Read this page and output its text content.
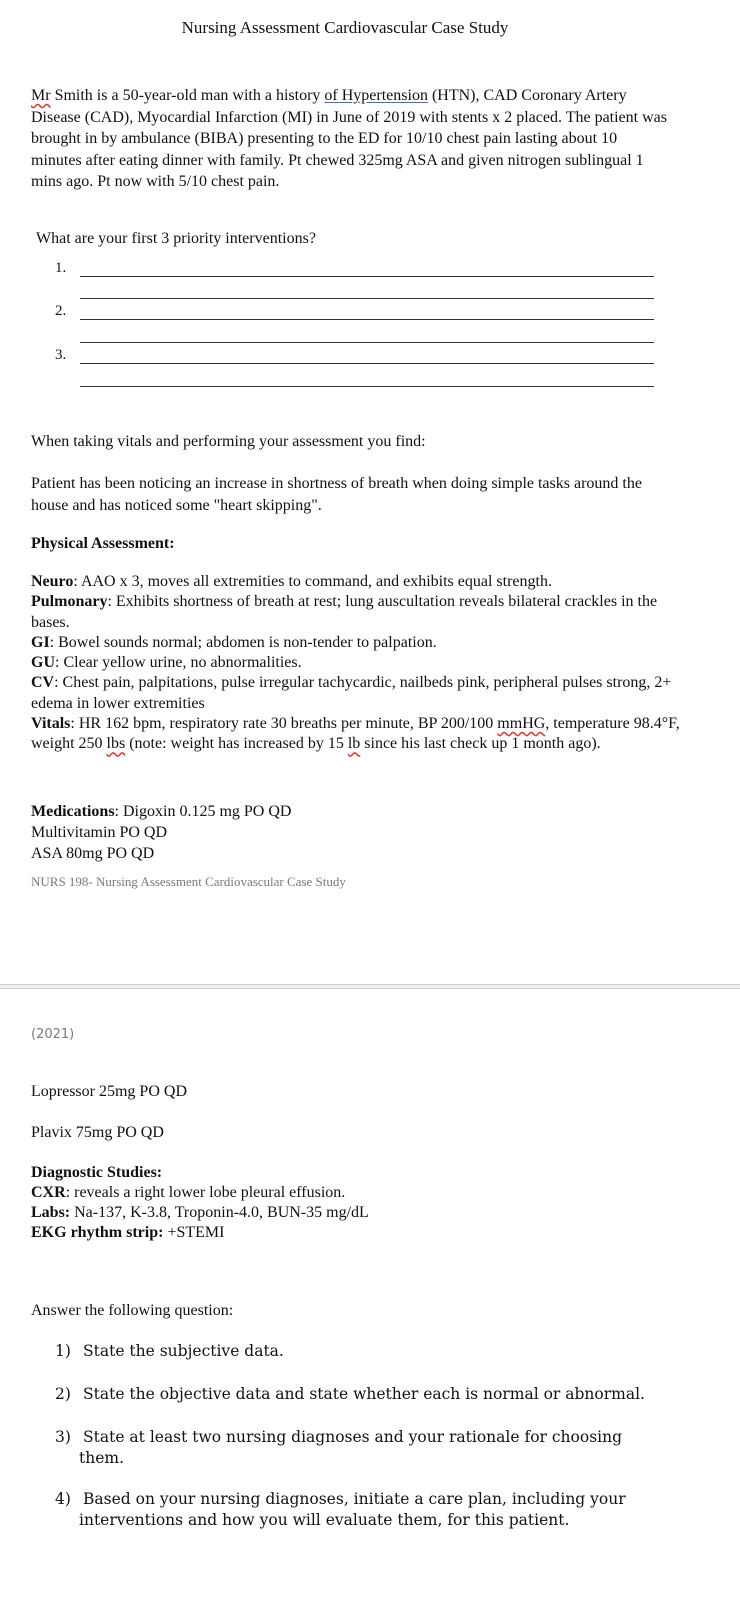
Nursing Assessment Cardiovascular Case Study
Mr Smith is a 50-year-old man with a history of Hypertension (HTN), CAD Coronary Artery Disease (CAD), Myocardial Infarction (MI) in June of 2019 with stents x 2 placed. The patient was brought in by ambulance (BIBA) presenting to the ED for 10/10 chest pain lasting about 10 minutes after eating dinner with family. Pt chewed 325mg ASA and given nitrogen sublingual 1 mins ago. Pt now with 5/10 chest pain.
What are your first 3 priority interventions?
1.
2.
3.
When taking vitals and performing your assessment you find:
Patient has been noticing an increase in shortness of breath when doing simple tasks around the house and has noticed some "heart skipping".
Physical Assessment:
Neuro: AAO x 3, moves all extremities to command, and exhibits equal strength.
Pulmonary: Exhibits shortness of breath at rest; lung auscultation reveals bilateral crackles in the bases.
GI: Bowel sounds normal; abdomen is non-tender to palpation.
GU: Clear yellow urine, no abnormalities.
CV: Chest pain, palpitations, pulse irregular tachycardic, nailbeds pink, peripheral pulses strong, 2+ edema in lower extremities
Vitals: HR 162 bpm, respiratory rate 30 breaths per minute, BP 200/100 mmHG, temperature 98.4°F, weight 250 lbs (note: weight has increased by 15 lb since his last check up 1 month ago).
Medications: Digoxin 0.125 mg PO QD
Multivitamin PO QD
ASA 80mg PO QD
NURS 198- Nursing Assessment Cardiovascular Case Study
(2021)
Lopressor 25mg PO QD
Plavix 75mg PO QD
Diagnostic Studies:
CXR: reveals a right lower lobe pleural effusion.
Labs: Na-137, K-3.8, Troponin-4.0, BUN-35 mg/dL
EKG rhythm strip: +STEMI
Answer the following question:
1) State the subjective data.
2) State the objective data and state whether each is normal or abnormal.
3) State at least two nursing diagnoses and your rationale for choosing
them.
4) Based on your nursing diagnoses, initiate a care plan, including your
interventions and how you will evaluate them, for this patient.
